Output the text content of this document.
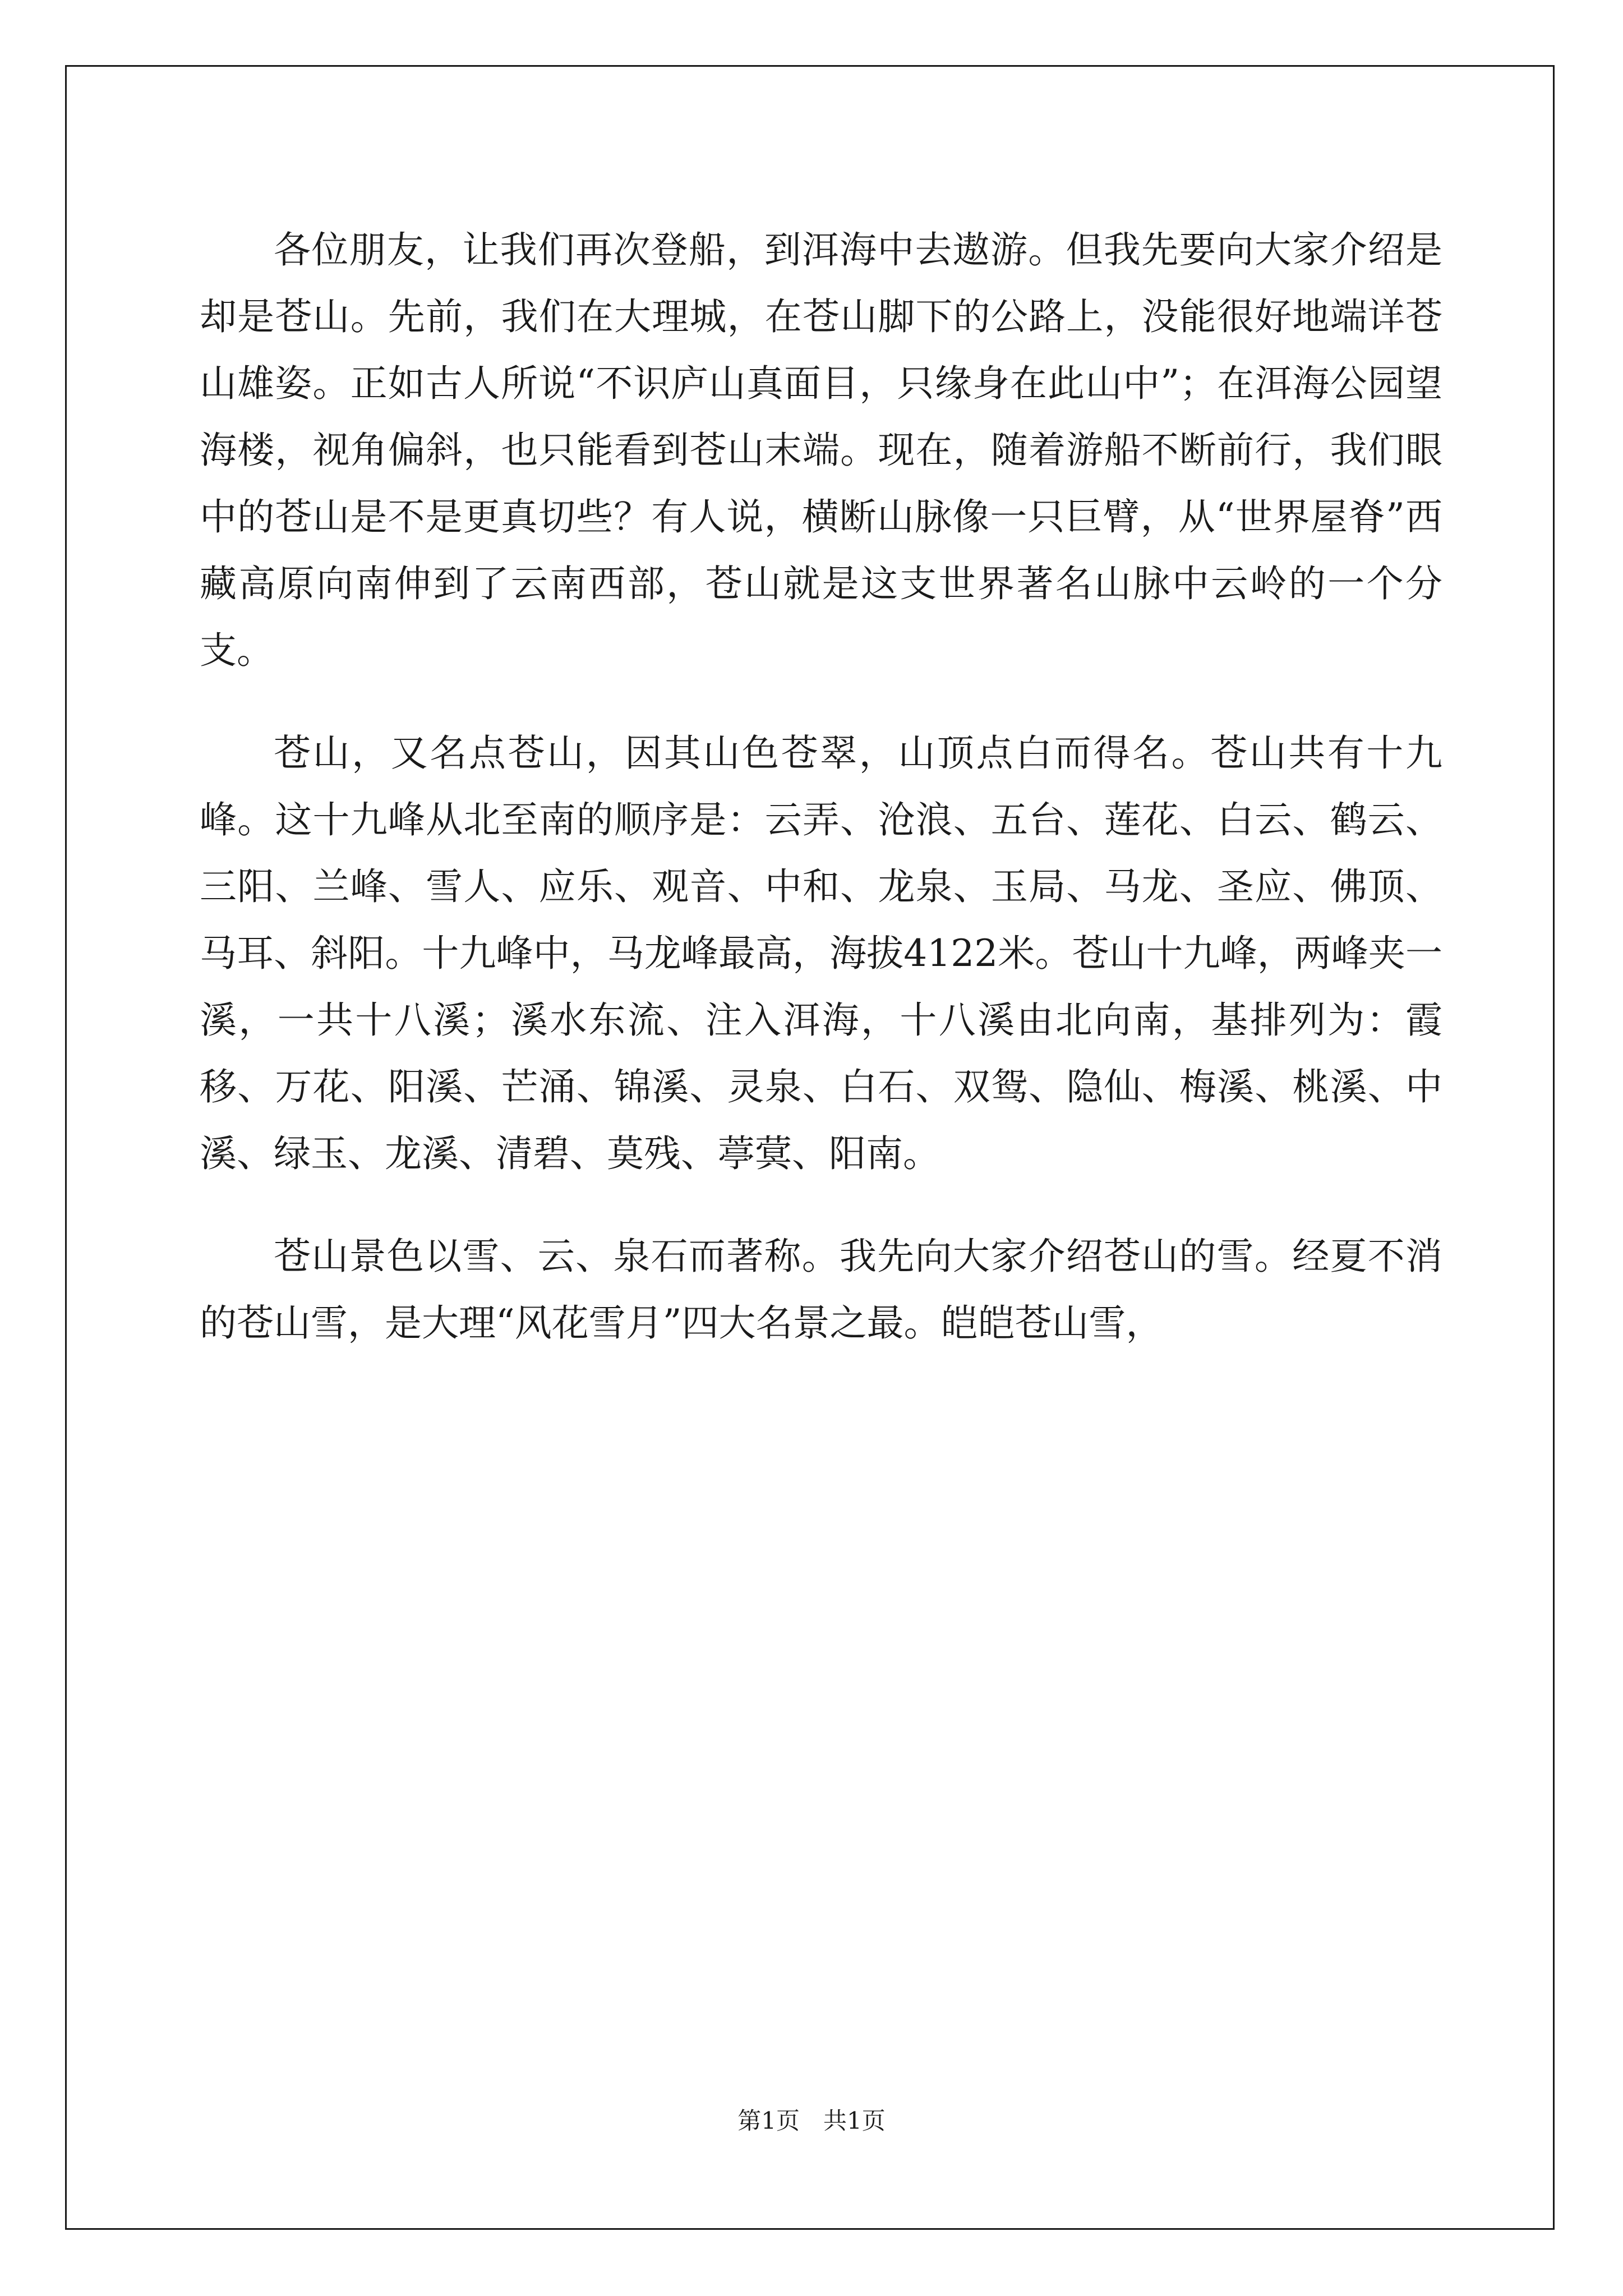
各位朋友，让我们再次登船，到洱海中去遨游。但我先要向大家介绍是却是苍山。先前，我们在大理城，在苍山脚下的公路上，没能很好地端详苍山雄姿。正如古人所说“不识庐山真面目，只缘身在此山中”；在洱海公园望海楼，视角偏斜，也只能看到苍山末端。现在，随着游船不断前行，我们眼中的苍山是不是更真切些？有人说，横断山脉像一只巨臂，从“世界屋脊”西藏高原向南伸到了云南西部，苍山就是这支世界著名山脉中云岭的一个分支。

苍山，又名点苍山，因其山色苍翠，山顶点白而得名。苍山共有十九峰。这十九峰从北至南的顺序是：云弄、沧浪、五台、莲花、白云、鹤云、三阳、兰峰、雪人、应乐、观音、中和、龙泉、玉局、马龙、圣应、佛顶、马耳、斜阳。十九峰中，马龙峰最高，海拔4122米。苍山十九峰，两峰夹一溪，一共十八溪；溪水东流、注入洱海，十八溪由北向南，基排列为：霞移、万花、阳溪、芒涌、锦溪、灵泉、白石、双鸳、隐仙、梅溪、桃溪、中溪、绿玉、龙溪、清碧、莫残、葶蓂、阳南。

苍山景色以雪、云、泉石而著称。我先向大家介绍苍山的雪。经夏不消的苍山雪，是大理“风花雪月”四大名景之最。皑皑苍山雪，

第1页 共1页
